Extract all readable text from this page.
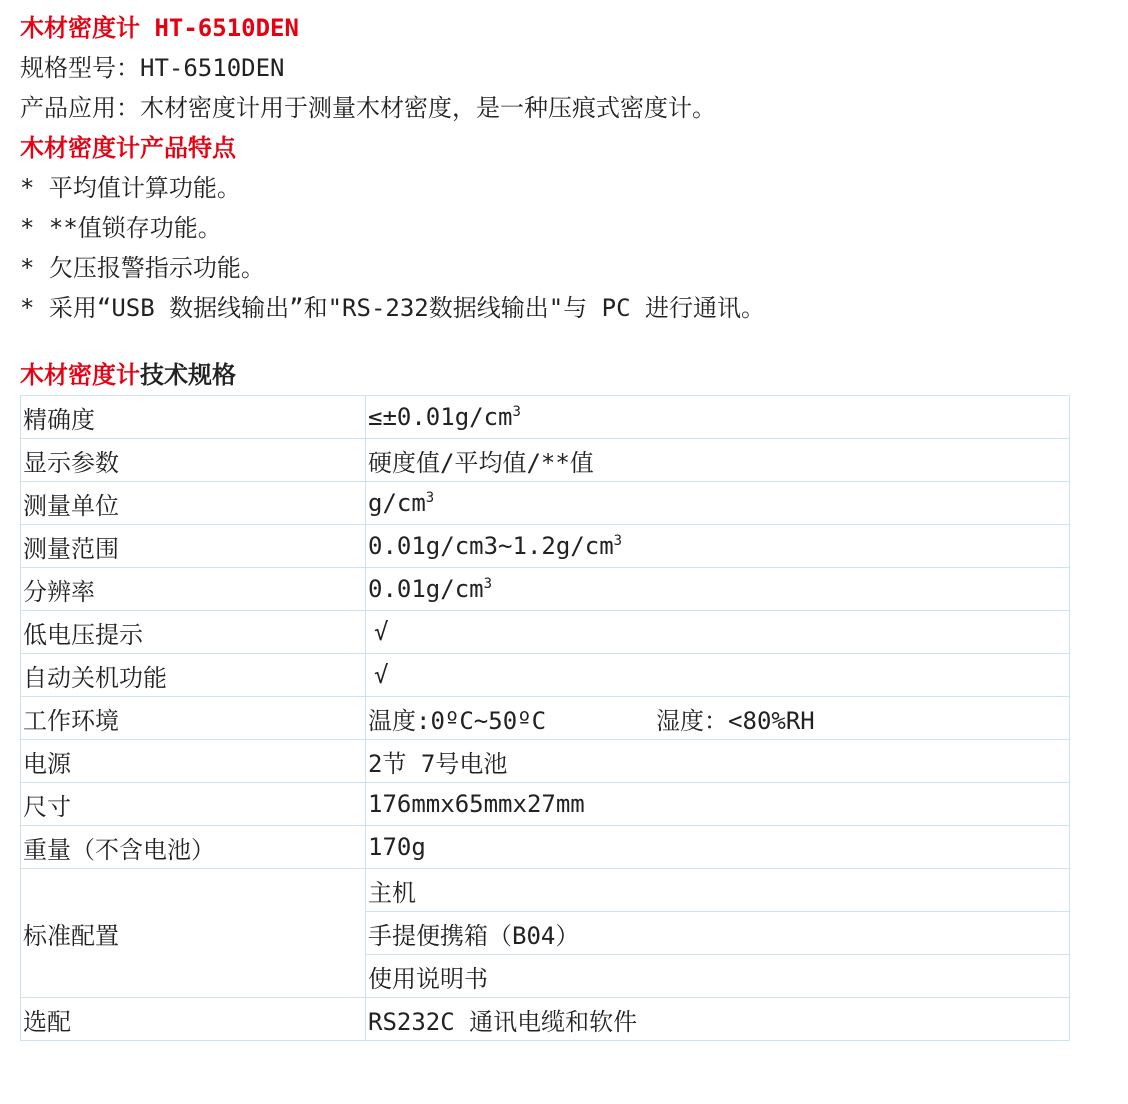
木材密度计 HT-6510DEN
规格型号：HT-6510DEN
产品应用：木材密度计用于测量木材密度，是一种压痕式密度计。
木材密度计产品特点
* 平均值计算功能。
* **值锁存功能。
* 欠压报警指示功能。
* 采用“USB 数据线输出”和"RS-232数据线输出"与 PC 进行通讯。
木材密度计技术规格
精确度	$\le\pm 0.01g/cm^3$
显示参数	硬度值/平均值/**值
测量单位	$g/cm^3$
测量范围	$0.01g/cm3\sim 1.2g/cm^3$
分辨率	$0.01g/cm^3$
低电压提示	√
自动关机功能	√
工作环境	温度:0ºC~50ºC 湿度：<80%RH
电源	2节 7号电池
尺寸	176mmx65mmx27mm
重量（不含电池）	170g
标准配置	主机
	手提便携箱（B04）
	使用说明书
选配	RS232C 通讯电缆和软件
